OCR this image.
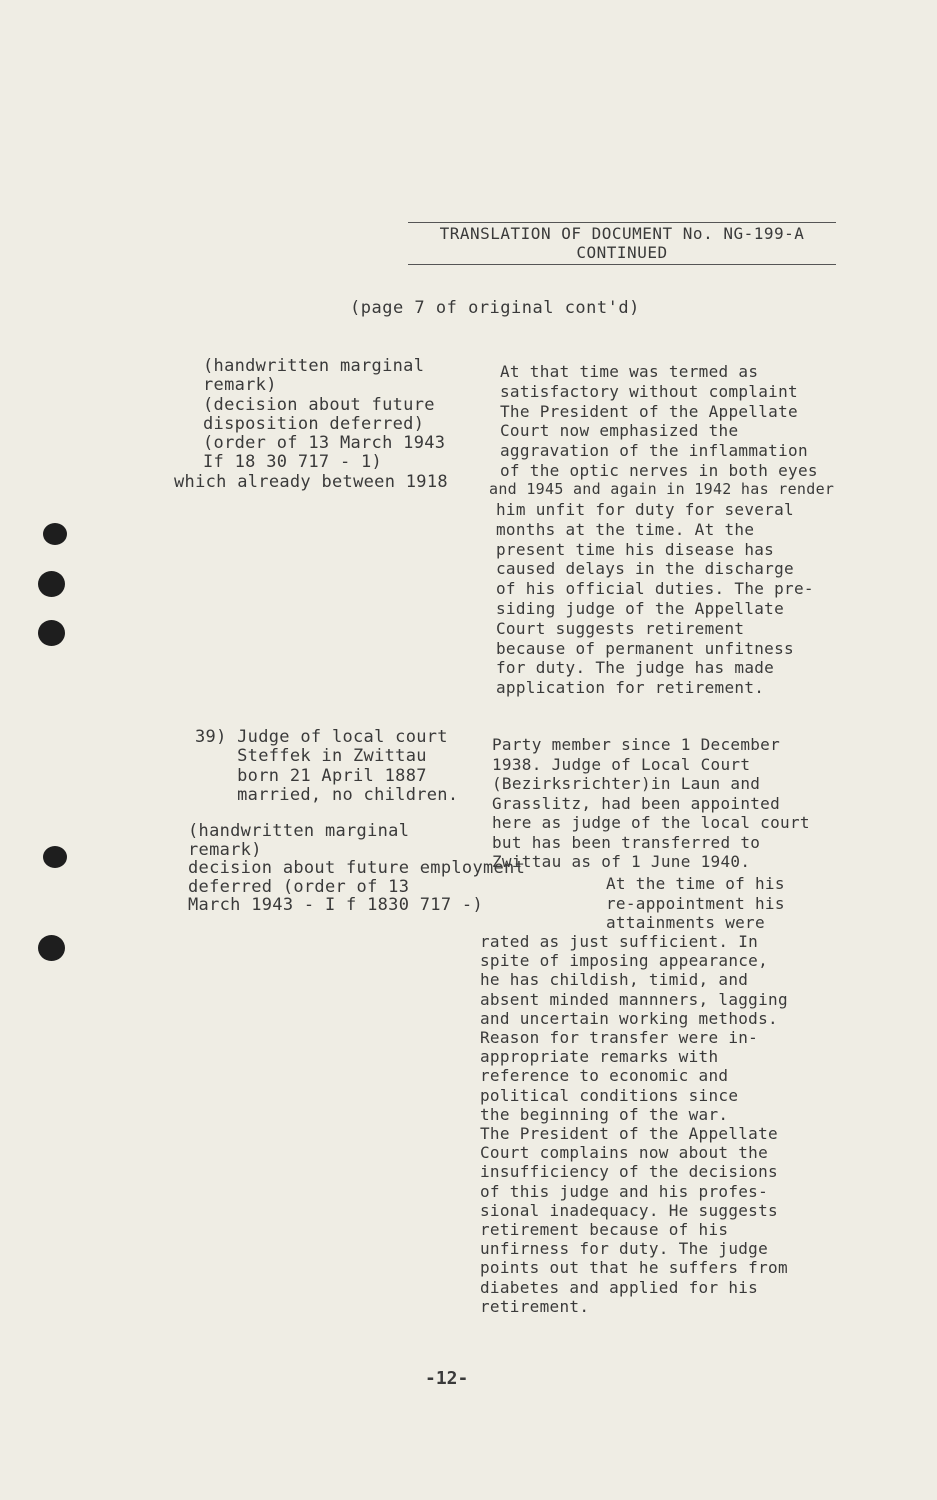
TRANSLATION OF DOCUMENT No. NG-199-A
CONTINUED
(page 7 of original cont'd)
(handwritten marginal
remark)
(decision about future
disposition deferred)
(order of 13 March 1943
If 18 30 717 - 1)
which already between 1918
At that time was termed as
satisfactory without complaint
The President of the Appellate
Court now emphasized the
aggravation of the inflammation
of the optic nerves in both eyes
and 1945 and again in 1942 has render
him unfit for duty for several
months at the time. At the
present time his disease has
caused delays in the discharge
of his official duties. The pre-
siding judge of the Appellate
Court suggests retirement
because of permanent unfitness
for duty. The judge has made
application for retirement.
39) Judge of local court
Steffek in Zwittau
born 21 April 1887
married, no children.
Party member since 1 December
1938. Judge of Local Court
(Bezirksrichter)in Laun and
Grasslitz, had been appointed
here as judge of the local court
but has been transferred to
Zwittau as of 1 June 1940.
(handwritten marginal
remark)
decision about future employment
deferred (order of 13
March 1943 - I f 1830 717 -)
At the time of his
re-appointment his
attainments were
rated as just sufficient. In
spite of imposing appearance,
he has childish, timid, and
absent minded mannners, lagging
and uncertain working methods.
Reason for transfer were in-
appropriate remarks with
reference to economic and
political conditions since
the beginning of the war.
The President of the Appellate
Court complains now about the
insufficiency of the decisions
of this judge and his profes-
sional inadequacy. He suggests
retirement because of his
unfirness for duty. The judge
points out that he suffers from
diabetes and applied for his
retirement.
-12-
